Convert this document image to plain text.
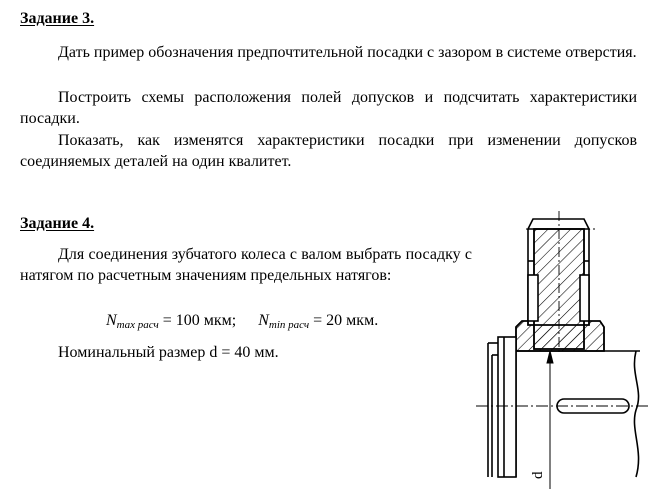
Задание 3.
Дать пример обозначения предпочтительной посадки с зазором в системе отверстия.
Построить схемы расположения полей допусков и подсчитать характеристики посадки.
Показать, как изменятся характеристики посадки при изменении допусков соединяемых деталей на один квалитет.
Задание 4.
Для соединения зубчатого колеса с валом выбрать посадку с натягом по расчетным значениям предельных натягов:
Nmax расч = 100 мкм; Nmin расч = 20 мкм.
Номинальный размер d = 40 мм.
d
